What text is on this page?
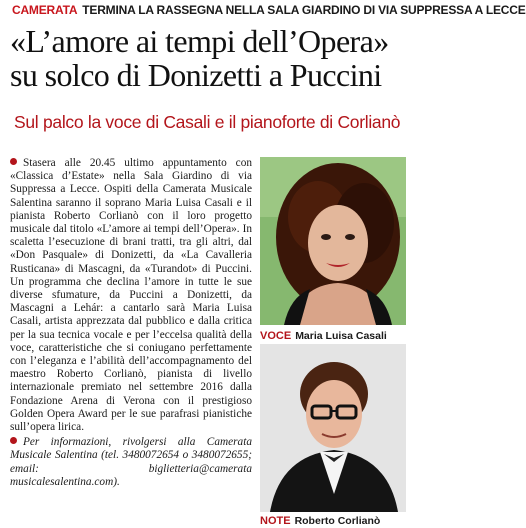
CAMERATA TERMINA LA RASSEGNA NELLA SALA GIARDINO DI VIA SUPPRESSA A LECCE
«L’amore ai tempi dell’Opera»
su solco di Donizetti a Puccini
Sul palco la voce di Casali e il pianoforte di Corlianò

Stasera alle 20.45 ultimo appuntamento con «Classica d’Estate» nella Sala Giardino di via Suppressa a Lecce. Ospiti della Camerata Musicale Salentina saranno il soprano Maria Luisa Casali e il pianista Roberto Corlianò con il loro progetto musicale dal titolo «L’amore ai tempi dell’Opera». In scaletta l’esecuzione di brani tratti, tra gli altri, dal «Don Pasquale» di Donizetti, da «La Cavalleria Rusticana» di Mascagni, da «Turandot» di Puccini. Un programma che declina l’amore in tutte le sue diverse sfumature, da Puccini a Donizetti, da Mascagni a Lehár: a cantarlo sarà Maria Luisa Casali, artista apprezzata dal pubblico e dalla critica per la sua tecnica vocale e per l’eccelsa qualità della voce, caratteristiche che si coniugano perfettamente con l’eleganza e l’abilità dell’accompagnamento del maestro Roberto Corlianò, pianista di livello internazionale premiato nel settembre 2016 dalla Fondazione Arena di Verona con il prestigioso Golden Opera Award per le sue parafrasi pianistiche sull’opera lirica.

Per informazioni, rivolgersi alla Camerata Musicale Salentina (tel. 3480072654 o 3480072655; email: biglietteria@camerata musicalesalentina.com).

VOCE Maria Luisa Casali
NOTE Roberto Corlianò
